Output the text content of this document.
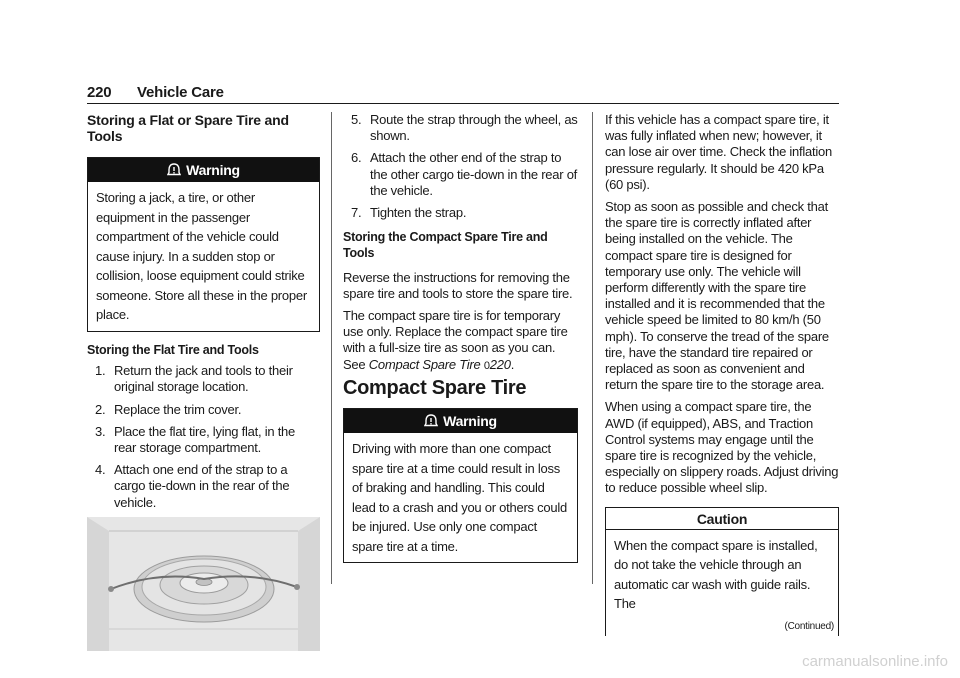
220 Vehicle Care
Storing a Flat or Spare Tire and Tools
Warning
Storing a jack, a tire, or other equipment in the passenger compartment of the vehicle could cause injury. In a sudden stop or collision, loose equipment could strike someone. Store all these in the proper place.
Storing the Flat Tire and Tools
1. Return the jack and tools to their original storage location.
2. Replace the trim cover.
3. Place the flat tire, lying flat, in the rear storage compartment.
4. Attach one end of the strap to a cargo tie-down in the rear of the vehicle.
5. Route the strap through the wheel, as shown.
6. Attach the other end of the strap to the other cargo tie-down in the rear of the vehicle.
7. Tighten the strap.
Storing the Compact Spare Tire and Tools

Reverse the instructions for removing the spare tire and tools to store the spare tire.

The compact spare tire is for temporary use only. Replace the compact spare tire with a full-size tire as soon as you can. See Compact Spare Tire 0220.

Compact Spare Tire
Warning
Driving with more than one compact spare tire at a time could result in loss of braking and handling. This could lead to a crash and you or others could be injured. Use only one compact spare tire at a time.

If this vehicle has a compact spare tire, it was fully inflated when new; however, it can lose air over time. Check the inflation pressure regularly. It should be 420 kPa (60 psi).

Stop as soon as possible and check that the spare tire is correctly inflated after being installed on the vehicle. The compact spare tire is designed for temporary use only. The vehicle will perform differently with the spare tire installed and it is recommended that the vehicle speed be limited to 80 km/h (50 mph). To conserve the tread of the spare tire, have the standard tire repaired or replaced as soon as convenient and return the spare tire to the storage area.

When using a compact spare tire, the AWD (if equipped), ABS, and Traction Control systems may engage until the spare tire is recognized by the vehicle, especially on slippery roads. Adjust driving to reduce possible wheel slip.

Caution
When the compact spare is installed, do not take the vehicle through an automatic car wash with guide rails. The
(Continued)
carmanualsonline.info
